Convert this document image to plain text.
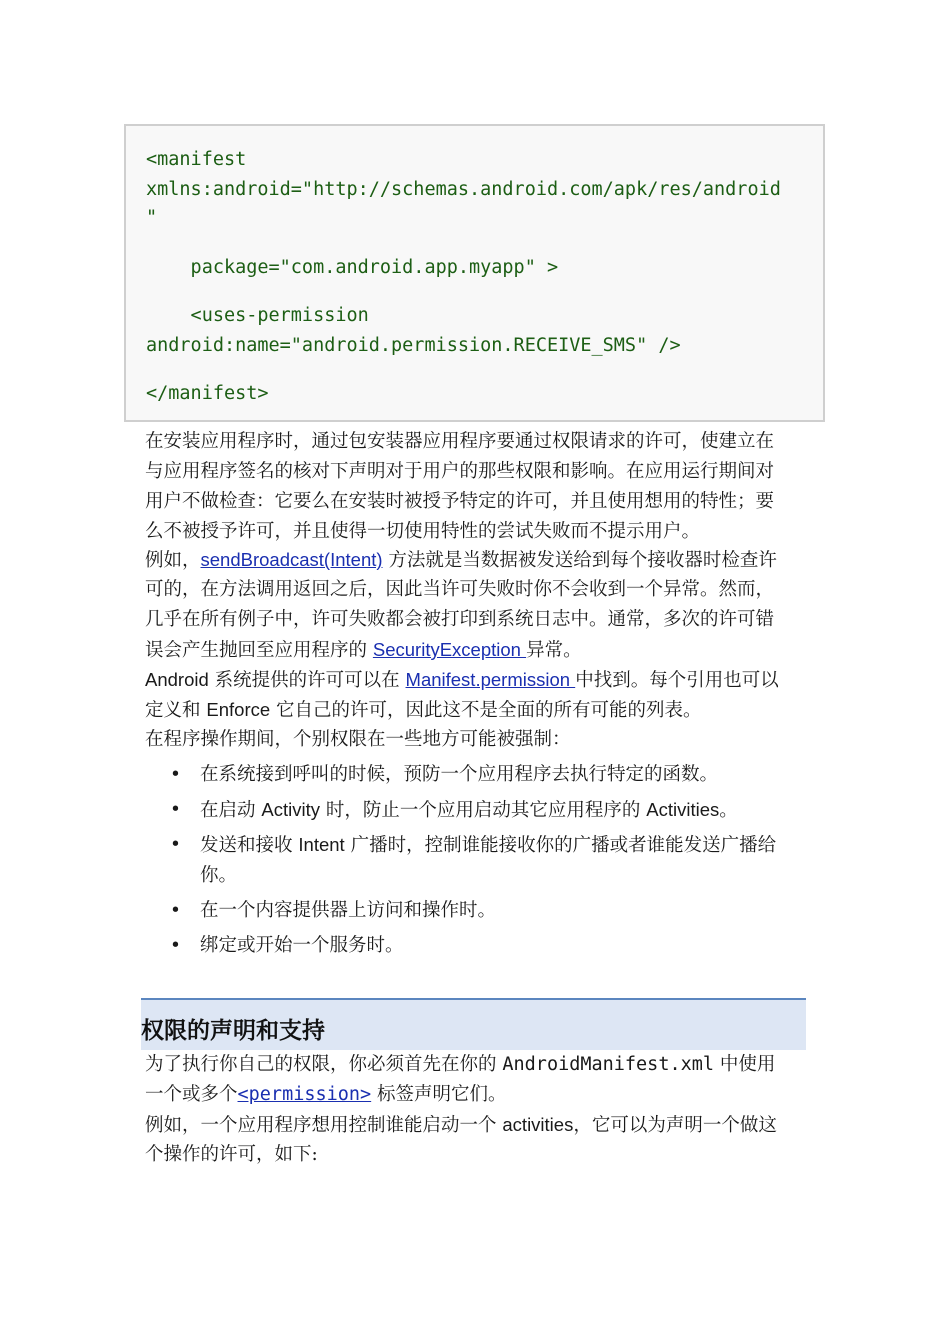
<manifest
xmlns:android="http://schemas.android.com/apk/res/android
"
package="com.android.app.myapp" >
<uses-permission
android:name="android.permission.RECEIVE_SMS" />
</manifest>
在安装应用程序时，通过包安装器应用程序要通过权限请求的许可，使建立在
与应用程序签名的核对下声明对于用户的那些权限和影响。在应用运行期间对
用户不做检查：它要么在安装时被授予特定的许可，并且使用想用的特性；要
么不被授予许可，并且使得一切使用特性的尝试失败而不提示用户。
例如，sendBroadcast(Intent) 方法就是当数据被发送给到每个接收器时检查许
可的，在方法调用返回之后，因此当许可失败时你不会收到一个异常。然而，
几乎在所有例子中，许可失败都会被打印到系统日志中。通常，多次的许可错
误会产生抛回至应用程序的 SecurityException 异常。
Android 系统提供的许可可以在 Manifest.permission 中找到。每个引用也可以
定义和 Enforce 它自己的许可，因此这不是全面的所有可能的列表。
在程序操作期间，个别权限在一些地方可能被强制：
• 在系统接到呼叫的时候，预防一个应用程序去执行特定的函数。
• 在启动 Activity 时，防止一个应用启动其它应用程序的 Activities。
• 发送和接收 Intent 广播时，控制谁能接收你的广播或者谁能发送广播给
你。
• 在一个内容提供器上访问和操作时。
• 绑定或开始一个服务时。
权限的声明和支持
为了执行你自己的权限，你必须首先在你的 AndroidManifest.xml 中使用
一个或多个<permission> 标签声明它们。
例如，一个应用程序想用控制谁能启动一个 activities，它可以为声明一个做这
个操作的许可，如下:
